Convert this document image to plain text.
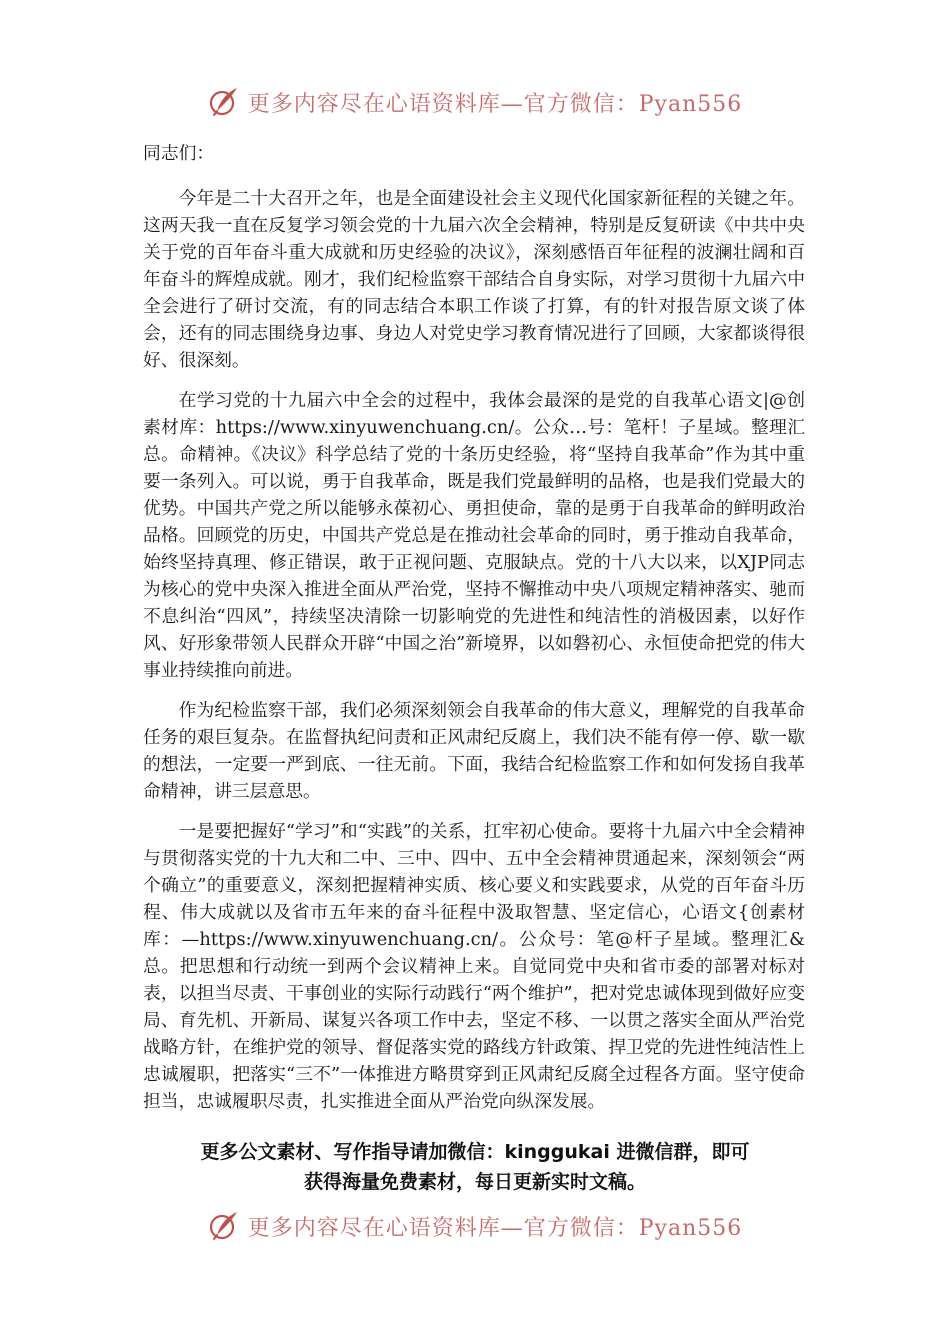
更多内容尽在心语资料库—官方微信：Pyan556

同志们：

今年是二十大召开之年，也是全面建设社会主义现代化国家新征程的关键之年。这两天我一直在反复学习领会党的十九届六次全会精神，特别是反复研读《中共中央关于党的百年奋斗重大成就和历史经验的决议》，深刻感悟百年征程的波澜壮阔和百年奋斗的辉煌成就。刚才，我们纪检监察干部结合自身实际，对学习贯彻十九届六中全会进行了研讨交流，有的同志结合本职工作谈了打算，有的针对报告原文谈了体会，还有的同志围绕身边事、身边人对党史学习教育情况进行了回顾，大家都谈得很好、很深刻。

在学习党的十九届六中全会的过程中，我体会最深的是党的自我革心语文|@创素材库：https://www.xinyuwenchuang.cn/。公众…号：笔杆！子星域。整理汇总。命精神。《决议》科学总结了党的十条历史经验，将“坚持自我革命”作为其中重要一条列入。可以说，勇于自我革命，既是我们党最鲜明的品格，也是我们党最大的优势。中国共产党之所以能够永葆初心、勇担使命，靠的是勇于自我革命的鲜明政治品格。回顾党的历史，中国共产党总是在推动社会革命的同时，勇于推动自我革命，始终坚持真理、修正错误，敢于正视问题、克服缺点。党的十八大以来，以XJP同志为核心的党中央深入推进全面从严治党，坚持不懈推动中央八项规定精神落实、驰而不息纠治“四风”，持续坚决清除一切影响党的先进性和纯洁性的消极因素，以好作风、好形象带领人民群众开辟“中国之治”新境界，以如磐初心、永恒使命把党的伟大事业持续推向前进。

作为纪检监察干部，我们必须深刻领会自我革命的伟大意义，理解党的自我革命任务的艰巨复杂。在监督执纪问责和正风肃纪反腐上，我们决不能有停一停、歇一歇的想法，一定要一严到底、一往无前。下面，我结合纪检监察工作和如何发扬自我革命精神，讲三层意思。

一是要把握好“学习”和“实践”的关系，扛牢初心使命。要将十九届六中全会精神与贯彻落实党的十九大和二中、三中、四中、五中全会精神贯通起来，深刻领会“两个确立”的重要意义，深刻把握精神实质、核心要义和实践要求，从党的百年奋斗历程、伟大成就以及省市五年来的奋斗征程中汲取智慧、坚定信心，心语文{创素材库：—https://www.xinyuwenchuang.cn/。公众号：笔@杆子星域。整理汇&总。把思想和行动统一到两个会议精神上来。自觉同党中央和省市委的部署对标对表，以担当尽责、干事创业的实际行动践行“两个维护”，把对党忠诚体现到做好应变局、育先机、开新局、谋复兴各项工作中去，坚定不移、一以贯之落实全面从严治党战略方针，在维护党的领导、督促落实党的路线方针政策、捍卫党的先进性纯洁性上忠诚履职，把落实“三不”一体推进方略贯穿到正风肃纪反腐全过程各方面。坚守使命担当，忠诚履职尽责，扎实推进全面从严治党向纵深发展。

更多公文素材、写作指导请加微信：kinggukai 进微信群，即可
获得海量免费素材，每日更新实时文稿。
更多内容尽在心语资料库—官方微信：Pyan556
